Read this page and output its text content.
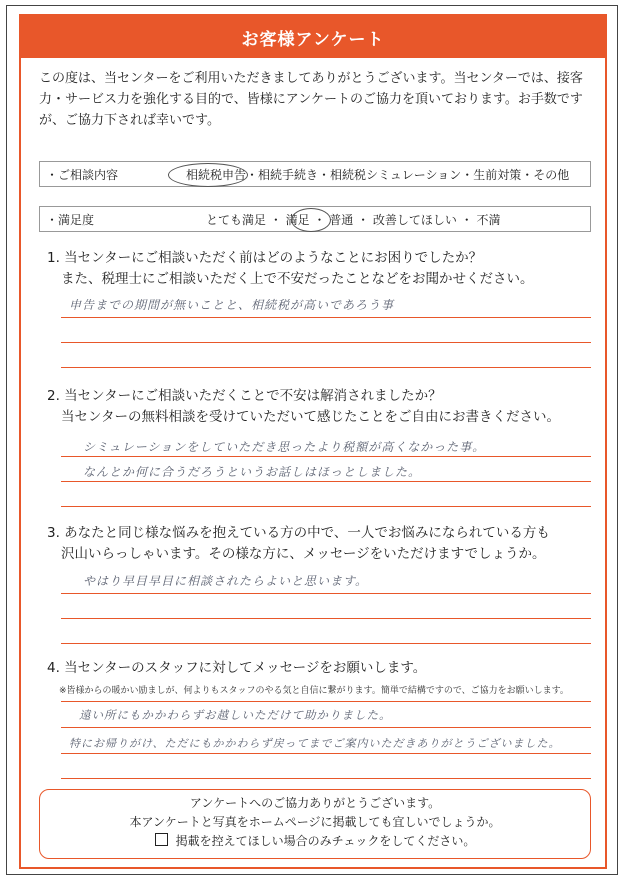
お客様アンケート
この度は、当センターをご利用いただきましてありがとうございます。当センターでは、接客力・サービス力を強化する目的で、皆様にアンケートのご協力を頂いております。お手数ですが、ご協力下されば幸いです。
・ご相談内容	相続税申告・相続手続き・相続税シミュレーション・生前対策・その他
・満足度	とても満足 ・ 満足 ・ 普通 ・ 改善してほしい ・ 不満
1. 当センターにご相談いただく前はどのようなことにお困りでしたか？
また、税理士にご相談いただく上で不安だったことなどをお聞かせください。
申告までの期間が無いことと、相続税が高いであろう事
2. 当センターにご相談いただくことで不安は解消されましたか？
当センターの無料相談を受けていただいて感じたことをご自由にお書きください。
シミュレーションをしていただき思ったより税額が高くなかった事。
なんとか何に合うだろうというお話しはほっとしました。
3. あなたと同じ様な悩みを抱えている方の中で、一人でお悩みになられている方も
沢山いらっしゃいます。その様な方に、メッセージをいただけますでしょうか。
やはり早目早目に相談されたらよいと思います。
4. 当センターのスタッフに対してメッセージをお願いします。
※皆様からの暖かい励ましが、何よりもスタッフのやる気と自信に繋がります。簡単で結構ですので、ご協力をお願いします。
遠い所にもかかわらずお越しいただけて助かりました。
特にお帰りがけ、ただにもかかわらず戻ってまでご案内いただきありがとうございました。
アンケートへのご協力ありがとうございます。
本アンケートと写真をホームページに掲載しても宜しいでしょうか。
掲載を控えてほしい場合のみチェックをしてください。
